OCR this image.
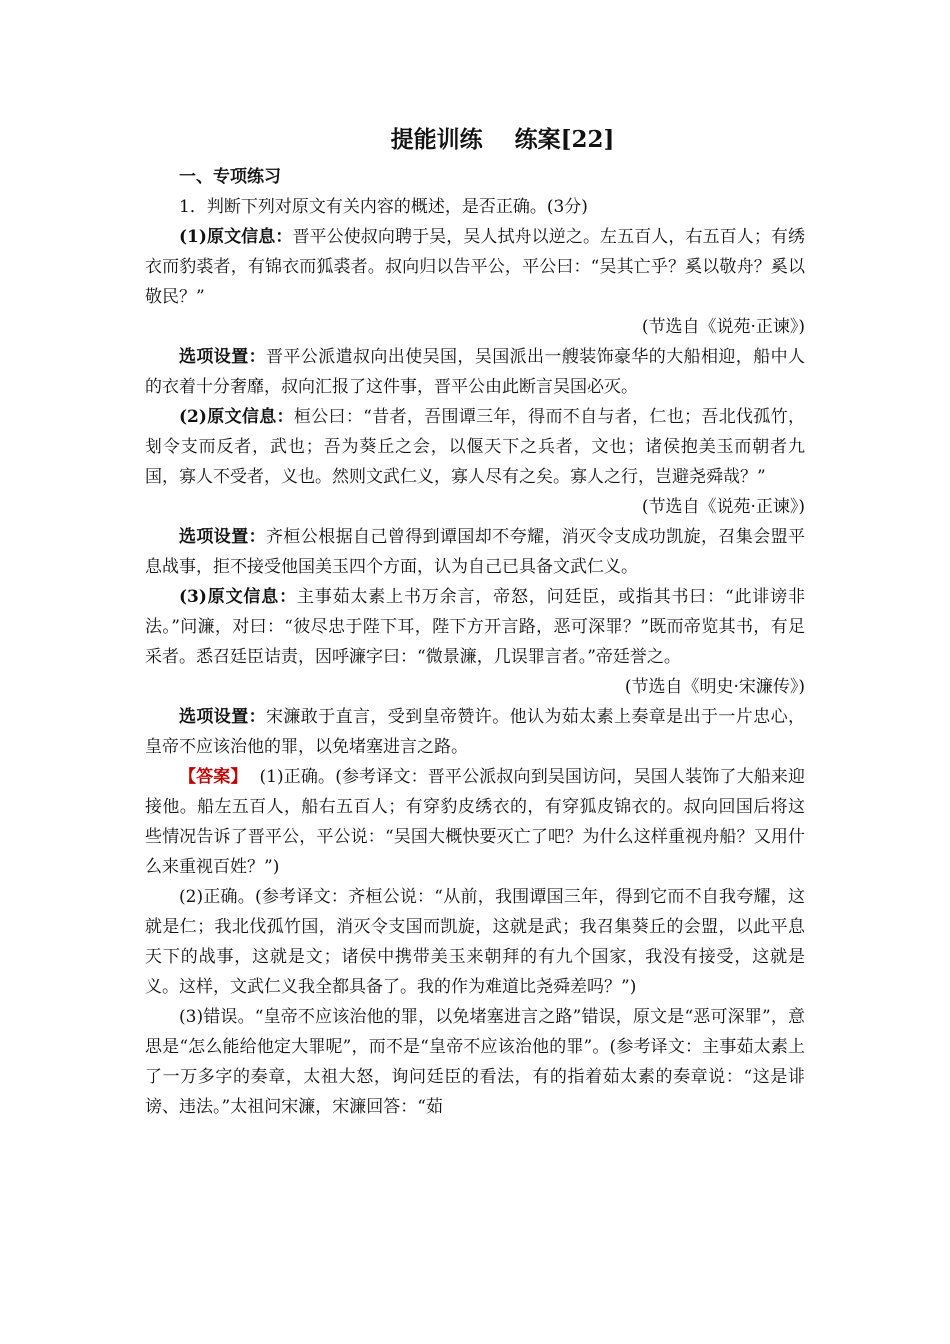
提能训练    练案[22]

一、专项练习

1．判断下列对原文有关内容的概述，是否正确。(3分)

(1)原文信息：晋平公使叔向聘于吴，吴人拭舟以逆之。左五百人，右五百人；有绣衣而豹裘者，有锦衣而狐裘者。叔向归以告平公，平公曰：“吴其亡乎？奚以敬舟？奚以敬民？”

(节选自《说苑·正谏》)

选项设置：晋平公派遣叔向出使吴国，吴国派出一艘装饰豪华的大船相迎，船中人的衣着十分奢靡，叔向汇报了这件事，晋平公由此断言吴国必灭。

(2)原文信息：桓公曰：“昔者，吾围谭三年，得而不自与者，仁也；吾北伐孤竹，刬令支而反者，武也；吾为葵丘之会，以偃天下之兵者，文也；诸侯抱美玉而朝者九国，寡人不受者，义也。然则文武仁义，寡人尽有之矣。寡人之行，岂避尧舜哉？”

(节选自《说苑·正谏》)

选项设置：齐桓公根据自己曾得到谭国却不夸耀，消灭令支成功凯旋，召集会盟平息战事，拒不接受他国美玉四个方面，认为自己已具备文武仁义。

(3)原文信息：主事茹太素上书万余言，帝怒，问廷臣，或指其书曰：“此诽谤非法。”问濂，对曰：“彼尽忠于陛下耳，陛下方开言路，恶可深罪？”既而帝览其书，有足采者。悉召廷臣诘责，因呼濂字曰：“微景濂，几误罪言者。”帝廷誉之。

(节选自《明史·宋濂传》)

选项设置：宋濂敢于直言，受到皇帝赞许。他认为茹太素上奏章是出于一片忠心，皇帝不应该治他的罪，以免堵塞进言之路。

【答案】 (1)正确。(参考译文：晋平公派叔向到吴国访问，吴国人装饰了大船来迎接他。船左五百人，船右五百人；有穿豹皮绣衣的，有穿狐皮锦衣的。叔向回国后将这些情况告诉了晋平公，平公说：“吴国大概快要灭亡了吧？为什么这样重视舟船？又用什么来重视百姓？”)

(2)正确。(参考译文：齐桓公说：“从前，我围谭国三年，得到它而不自我夸耀，这就是仁；我北伐孤竹国，消灭令支国而凯旋，这就是武；我召集葵丘的会盟，以此平息天下的战事，这就是文；诸侯中携带美玉来朝拜的有九个国家，我没有接受，这就是义。这样，文武仁义我全都具备了。我的作为难道比尧舜差吗？”)

(3)错误。“皇帝不应该治他的罪，以免堵塞进言之路”错误，原文是“恶可深罪”，意思是“怎么能给他定大罪呢”，而不是“皇帝不应该治他的罪”。(参考译文：主事茹太素上了一万多字的奏章，太祖大怒，询问廷臣的看法，有的指着茹太素的奏章说：“这是诽谤、违法。”太祖问宋濂，宋濂回答：“茹
